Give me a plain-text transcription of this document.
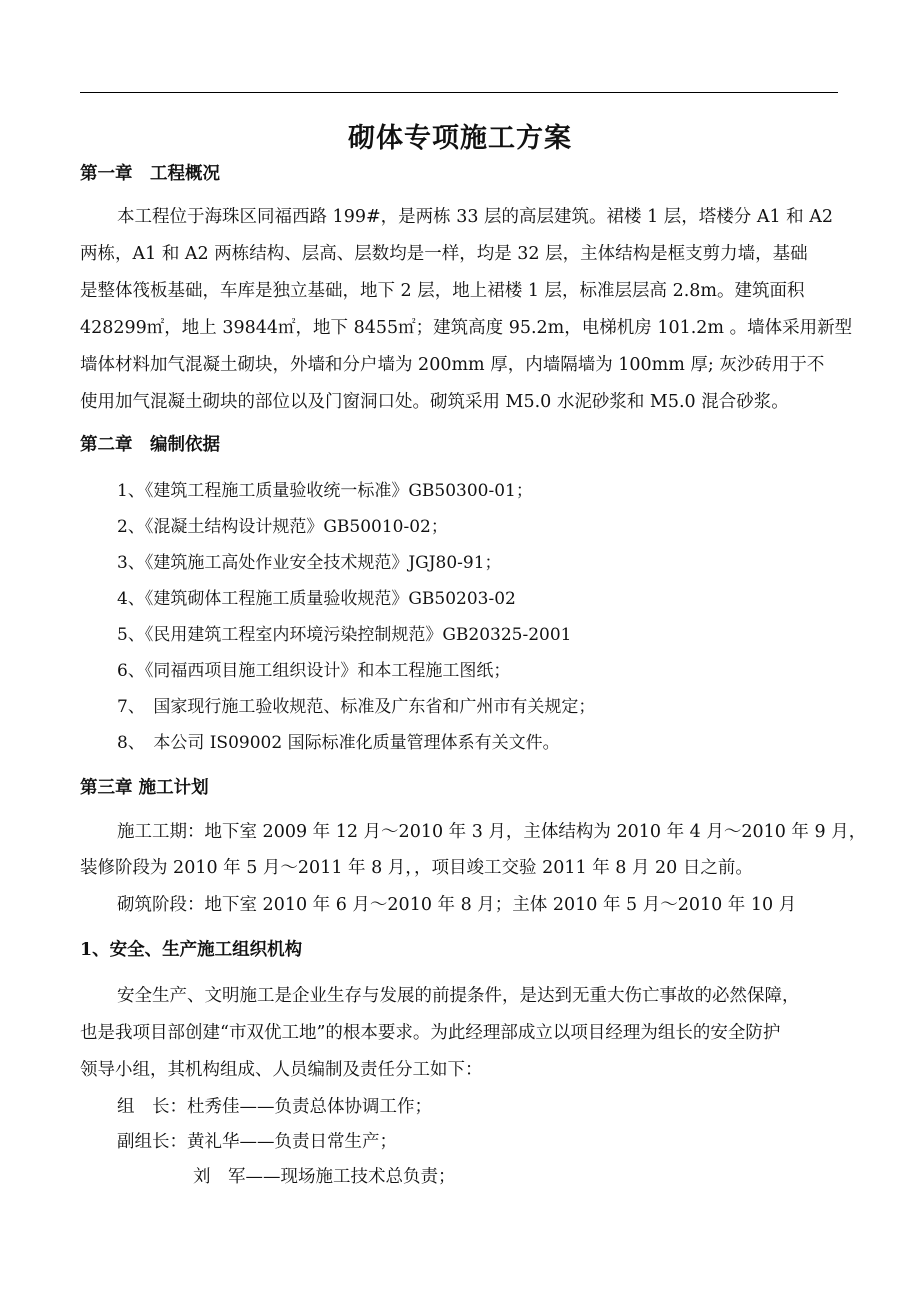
砌体专项施工方案
第一章　工程概况
本工程位于海珠区同福西路 199#，是两栋 33 层的高层建筑。裙楼 1 层，塔楼分 A1 和 A2
两栋，A1 和 A2 两栋结构、层高、层数均是一样，均是 32 层，主体结构是框支剪力墙，基础
是整体筏板基础，车库是独立基础，地下 2 层，地上裙楼 1 层，标准层层高 2.8m。建筑面积
428299㎡，地上 39844㎡，地下 8455㎡；建筑高度 95.2m，电梯机房 101.2m 。墙体采用新型
墙体材料加气混凝土砌块，外墙和分户墙为 200mm 厚，内墙隔墙为 100mm 厚; 灰沙砖用于不
使用加气混凝土砌块的部位以及门窗洞口处。砌筑采用 M5.0 水泥砂浆和 M5.0 混合砂浆。
第二章　编制依据
1、《建筑工程施工质量验收统一标准》GB50300-01；
2、《混凝土结构设计规范》GB50010-02；
3、《建筑施工高处作业安全技术规范》JGJ80-91；
4、《建筑砌体工程施工质量验收规范》GB50203-02
5、《民用建筑工程室内环境污染控制规范》GB20325-2001
6、《同福西项目施工组织设计》和本工程施工图纸；
7、　国家现行施工验收规范、标准及广东省和广州市有关规定；
8、　本公司 IS09002 国际标准化质量管理体系有关文件。
第三章 施工计划
施工工期：地下室 2009 年 12 月～2010 年 3 月，主体结构为 2010 年 4 月～2010 年 9 月，
装修阶段为 2010 年 5 月～2011 年 8 月，，项目竣工交验 2011 年 8 月 20 日之前。
砌筑阶段：地下室 2010 年 6 月～2010 年 8 月；主体 2010 年 5 月～2010 年 10 月
1、安全、生产施工组织机构
安全生产、文明施工是企业生存与发展的前提条件，是达到无重大伤亡事故的必然保障，
也是我项目部创建“市双优工地”的根本要求。为此经理部成立以项目经理为组长的安全防护
领导小组，其机构组成、人员编制及责任分工如下：
组　长：杜秀佳——负责总体协调工作；
副组长：黄礼华——负责日常生产；
刘　军——现场施工技术总负责；
